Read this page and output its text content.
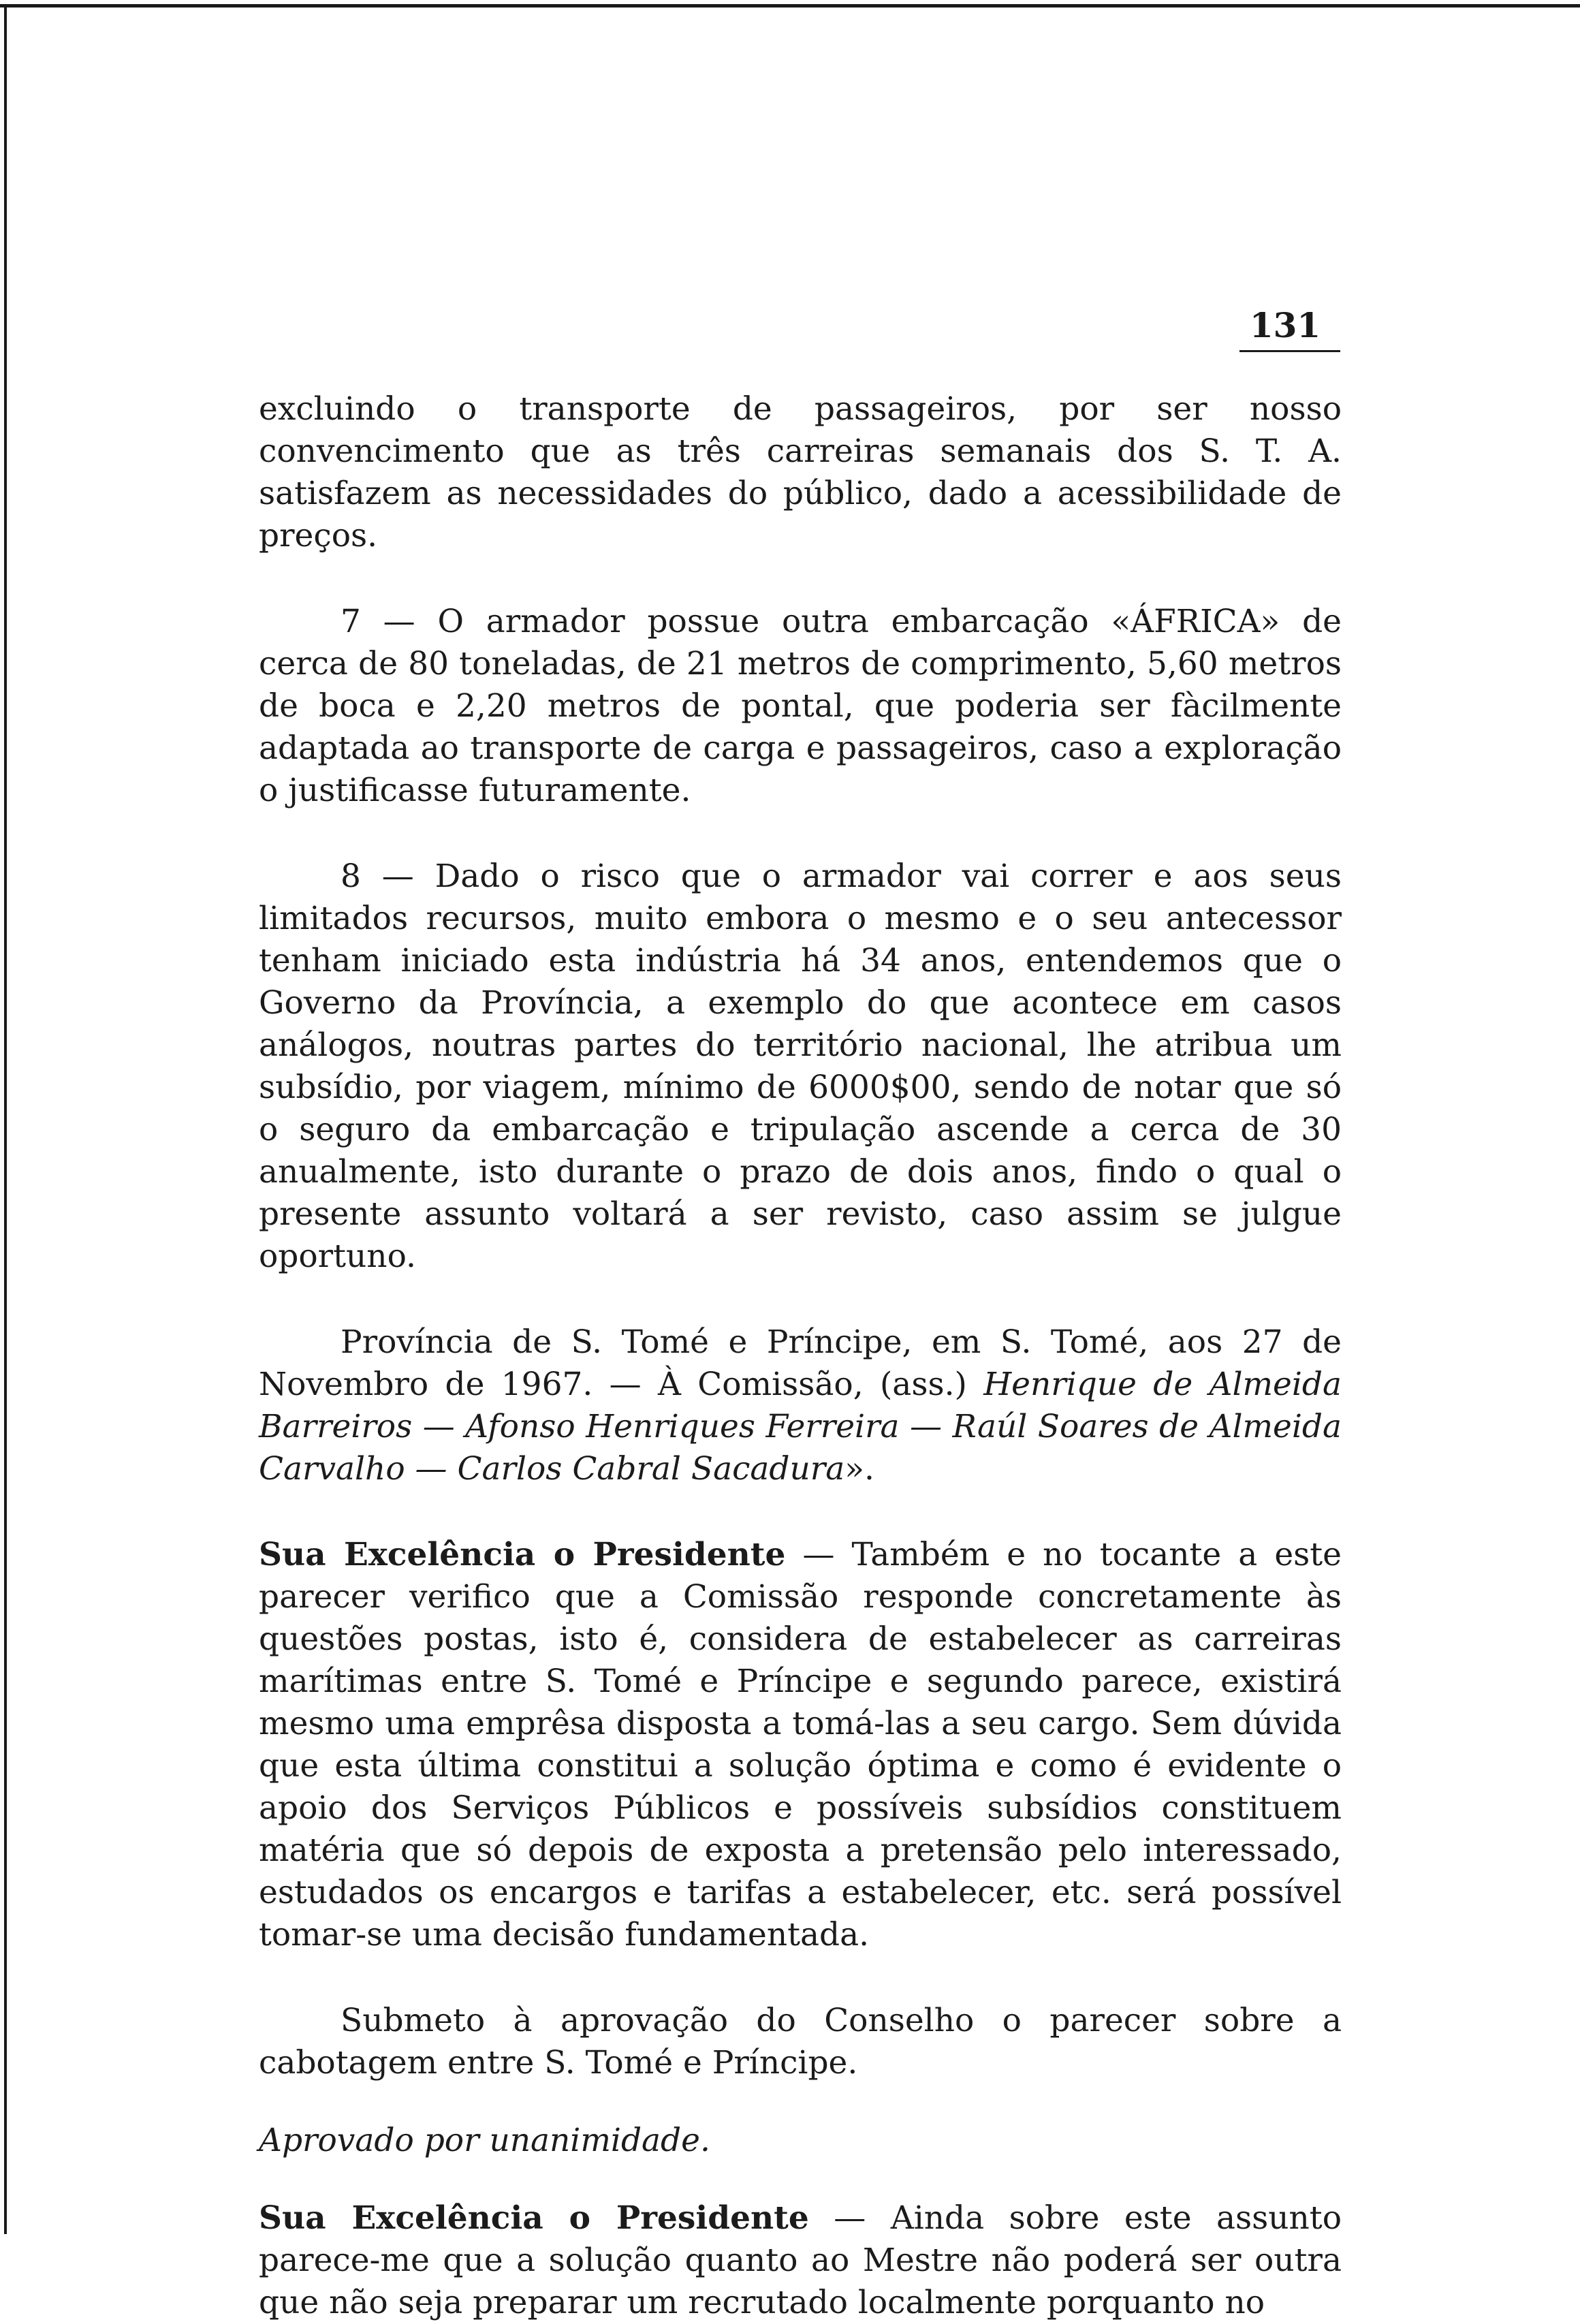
131

excluindo o transporte de passageiros, por ser nosso convencimento que as três carreiras semanais dos S. T. A. satisfazem as necessidades do público, dado a acessibilidade de preços.

7 — O armador possue outra embarcação «ÁFRICA» de cerca de 80 toneladas, de 21 metros de comprimento, 5,60 metros de boca e 2,20 metros de pontal, que poderia ser fàcilmente adaptada ao transporte de carga e passageiros, caso a exploração o justificasse futuramente.

8 — Dado o risco que o armador vai correr e aos seus limitados recursos, muito embora o mesmo e o seu antecessor tenham iniciado esta indústria há 34 anos, entendemos que o Governo da Província, a exemplo do que acontece em casos análogos, noutras partes do território nacional, lhe atribua um subsídio, por viagem, mínimo de 6000$00, sendo de notar que só o seguro da embarcação e tripulação ascende a cerca de 30 anualmente, isto durante o prazo de dois anos, findo o qual o presente assunto voltará a ser revisto, caso assim se julgue oportuno.

Província de S. Tomé e Príncipe, em S. Tomé, aos 27 de Novembro de 1967. — À Comissão, (ass.) Henrique de Almeida Barreiros — Afonso Henriques Ferreira — Raúl Soares de Almeida Carvalho — Carlos Cabral Sacadura».

Sua Excelência o Presidente — Também e no tocante a este parecer verifico que a Comissão responde concretamente às questões postas, isto é, considera de estabelecer as carreiras marítimas entre S. Tomé e Príncipe e segundo parece, existirá mesmo uma emprêsa disposta a tomá-las a seu cargo. Sem dúvida que esta última constitui a solução óptima e como é evidente o apoio dos Serviços Públicos e possíveis subsídios constituem matéria que só depois de exposta a pretensão pelo interessado, estudados os encargos e tarifas a estabelecer, etc. será possível tomar-se uma decisão fundamentada.

Submeto à aprovação do Conselho o parecer sobre a cabotagem entre S. Tomé e Príncipe.

Aprovado por unanimidade.

Sua Excelência o Presidente — Ainda sobre este assunto parece-me que a solução quanto ao Mestre não poderá ser outra que não seja preparar um recrutado localmente porquanto no
